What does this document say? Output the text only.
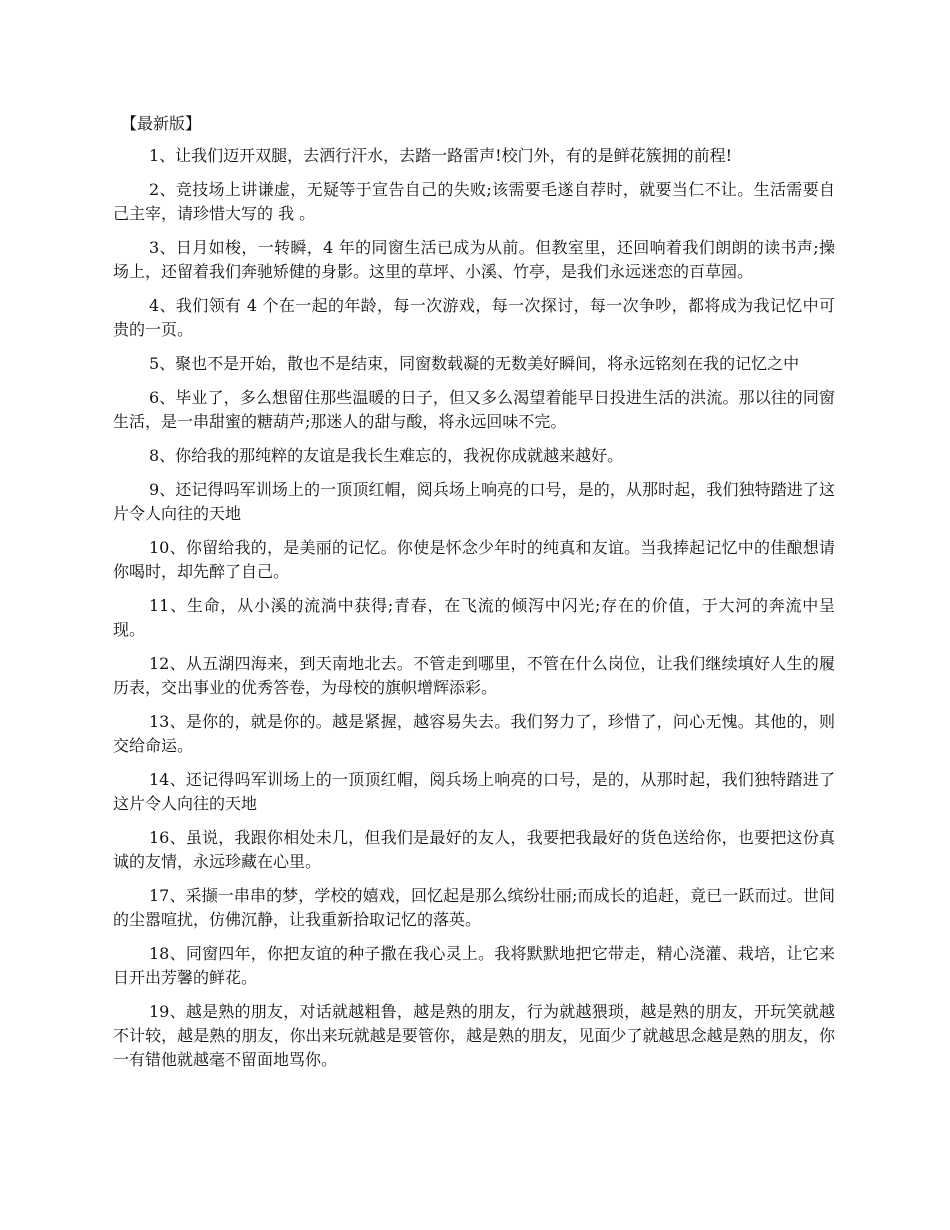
【最新版】

1、让我们迈开双腿，去洒行汗水，去踏一路雷声!校门外，有的是鲜花簇拥的前程!

2、竞技场上讲谦虚，无疑等于宣告自己的失败;该需要毛遂自荐时，就要当仁不让。生活需要自己主宰，请珍惜大写的 我 。

3、日月如梭，一转瞬，4 年的同窗生活已成为从前。但教室里，还回响着我们朗朗的读书声;操场上，还留着我们奔驰矫健的身影。这里的草坪、小溪、竹亭，是我们永远迷恋的百草园。

4、我们领有 4 个在一起的年龄，每一次游戏，每一次探讨，每一次争吵，都将成为我记忆中可贵的一页。

5、聚也不是开始，散也不是结束，同窗数载凝的无数美好瞬间，将永远铭刻在我的记忆之中

6、毕业了，多么想留住那些温暖的日子，但又多么渴望着能早日投进生活的洪流。那以往的同窗生活，是一串甜蜜的糖葫芦;那迷人的甜与酸，将永远回味不完。

8、你给我的那纯粹的友谊是我长生难忘的，我祝你成就越来越好。

9、还记得吗军训场上的一顶顶红帽，阅兵场上响亮的口号，是的，从那时起，我们独特踏进了这片令人向往的天地

10、你留给我的，是美丽的记忆。你使是怀念少年时的纯真和友谊。当我捧起记忆中的佳酿想请你喝时，却先醉了自己。

11、生命，从小溪的流淌中获得;青春，在飞流的倾泻中闪光;存在的价值，于大河的奔流中呈现。

12、从五湖四海来，到天南地北去。不管走到哪里，不管在什么岗位，让我们继续填好人生的履历表，交出事业的优秀答卷，为母校的旗帜增辉添彩。

13、是你的，就是你的。越是紧握，越容易失去。我们努力了，珍惜了，问心无愧。其他的，则交给命运。

14、还记得吗军训场上的一顶顶红帽，阅兵场上响亮的口号，是的，从那时起，我们独特踏进了这片令人向往的天地

16、虽说，我跟你相处未几，但我们是最好的友人，我要把我最好的货色送给你，也要把这份真诚的友情，永远珍藏在心里。

17、采撷一串串的梦，学校的嬉戏，回忆起是那么缤纷壮丽;而成长的追赶，竟已一跃而过。世间的尘嚣喧扰，仿佛沉静，让我重新拾取记忆的落英。

18、同窗四年，你把友谊的种子撒在我心灵上。我将默默地把它带走，精心浇灌、栽培，让它来日开出芳馨的鲜花。

19、越是熟的朋友，对话就越粗鲁，越是熟的朋友，行为就越猥琐，越是熟的朋友，开玩笑就越不计较，越是熟的朋友，你出来玩就越是要管你，越是熟的朋友，见面少了就越思念越是熟的朋友，你一有错他就越毫不留面地骂你。
